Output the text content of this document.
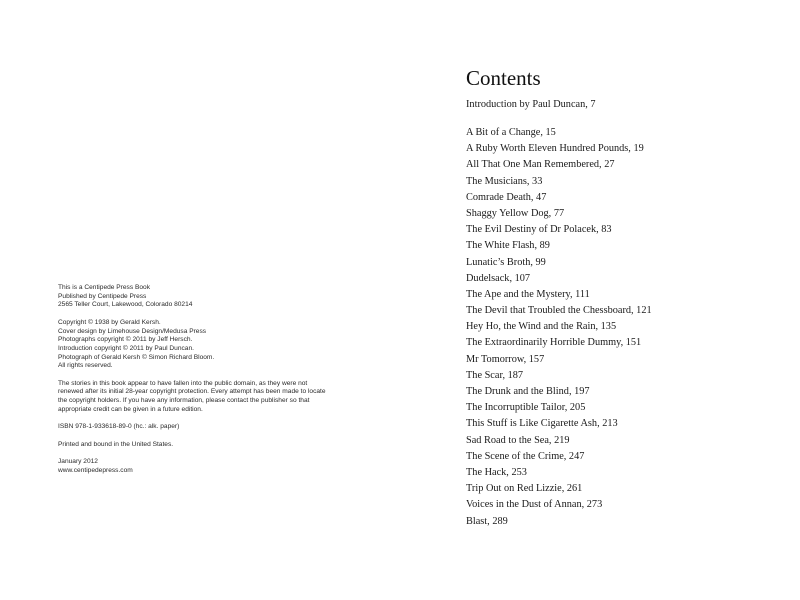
This is a Centipede Press Book
Published by Centipede Press
2565 Teller Court, Lakewood, Colorado 80214
Copyright © 1938 by Gerald Kersh.
Cover design by Limehouse Design/Medusa Press
Photographs copyright © 2011 by Jeff Hersch.
Introduction copyright © 2011 by Paul Duncan.
Photograph of Gerald Kersh © Simon Richard Bloom.
All rights reserved.
The stories in this book appear to have fallen into the public domain, as they were not renewed after its initial 28-year copyright protection. Every attempt has been made to locate the copyright holders. If you have any information, please contact the publisher so that appropriate credit can be given in a future edition.
ISBN 978-1-933618-89-0 (hc.: alk. paper)
Printed and bound in the United States.
January 2012
www.centipedepress.com
Contents
Introduction by Paul Duncan, 7
A Bit of a Change, 15
A Ruby Worth Eleven Hundred Pounds, 19
All That One Man Remembered, 27
The Musicians, 33
Comrade Death, 47
Shaggy Yellow Dog, 77
The Evil Destiny of Dr Polacek, 83
The White Flash, 89
Lunatic’s Broth, 99
Dudelsack, 107
The Ape and the Mystery, 111
The Devil that Troubled the Chessboard, 121
Hey Ho, the Wind and the Rain, 135
The Extraordinarily Horrible Dummy, 151
Mr Tomorrow, 157
The Scar, 187
The Drunk and the Blind, 197
The Incorruptible Tailor, 205
This Stuff is Like Cigarette Ash, 213
Sad Road to the Sea, 219
The Scene of the Crime, 247
The Hack, 253
Trip Out on Red Lizzie, 261
Voices in the Dust of Annan, 273
Blast, 289
